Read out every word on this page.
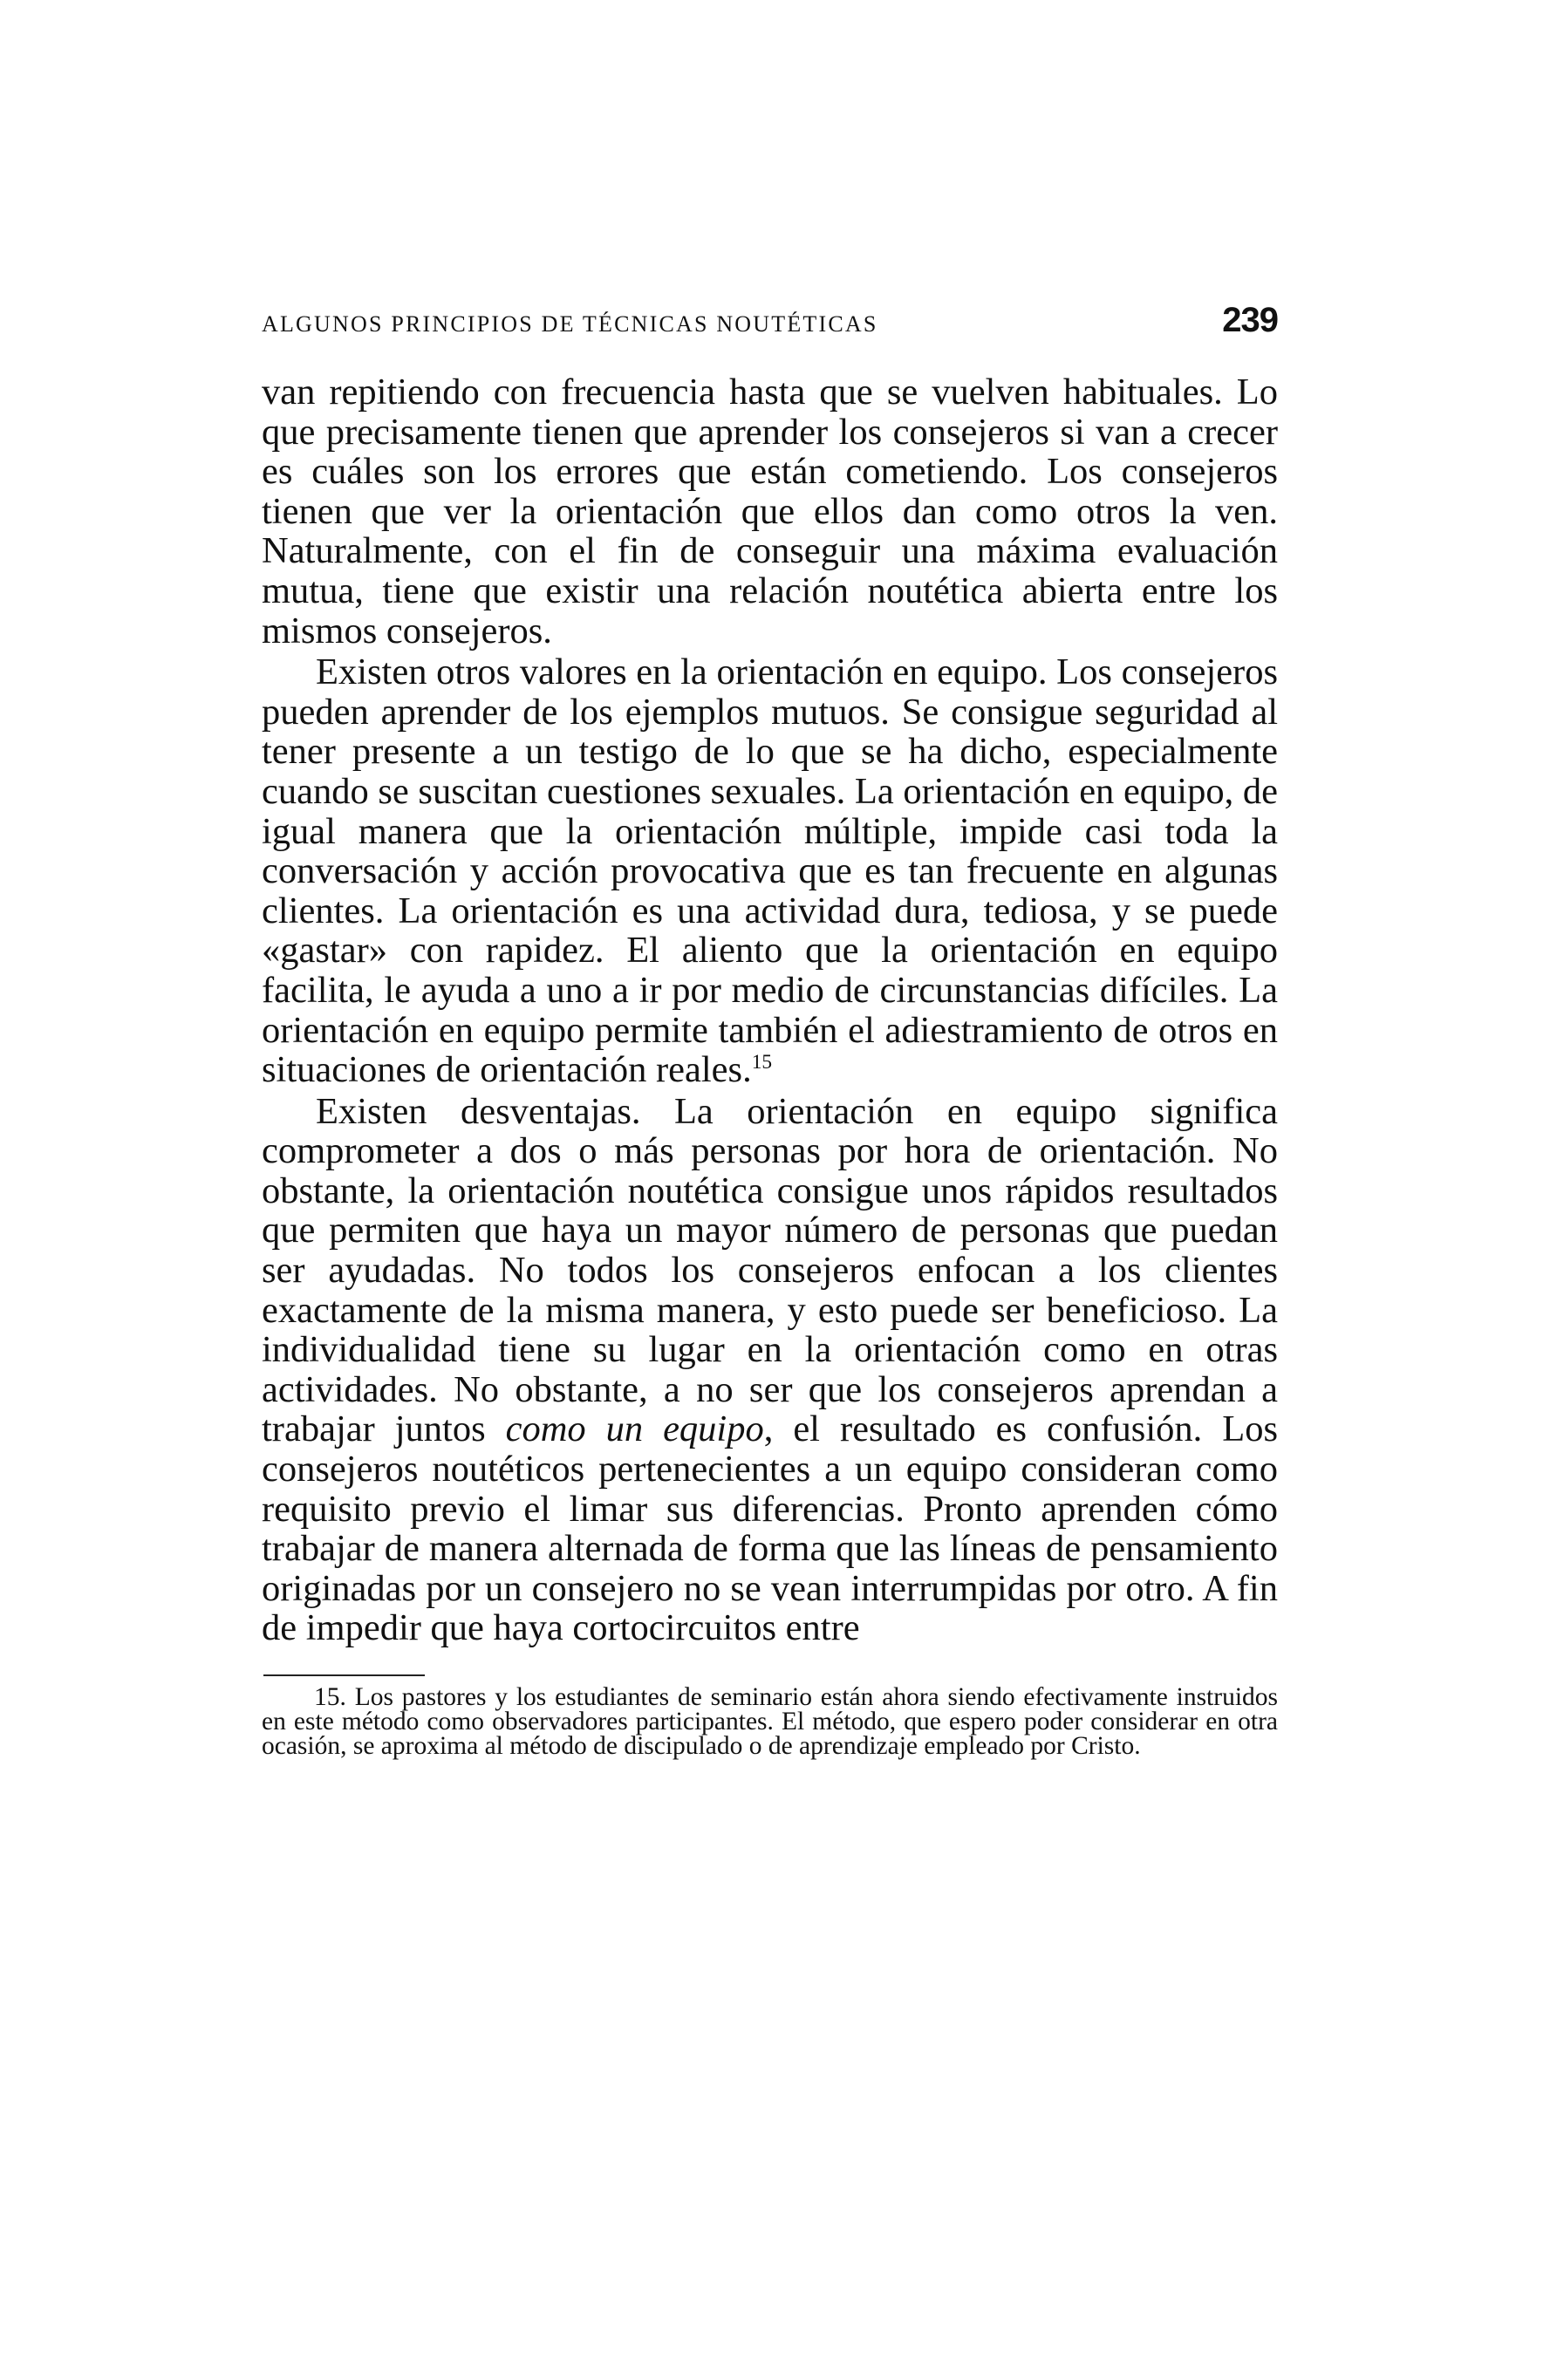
ALGUNOS PRINCIPIOS DE TÉCNICAS NOUTÉTICAS	239

van repitiendo con frecuencia hasta que se vuelven habituales. Lo que precisamente tienen que aprender los consejeros si van a crecer es cuáles son los errores que están cometiendo. Los consejeros tienen que ver la orientación que ellos dan como otros la ven. Naturalmente, con el fin de conseguir una máxima evaluación mutua, tiene que existir una relación noutética abierta entre los mismos consejeros.

Existen otros valores en la orientación en equipo. Los consejeros pueden aprender de los ejemplos mutuos. Se consigue seguridad al tener presente a un testigo de lo que se ha dicho, especialmente cuando se suscitan cuestiones sexuales. La orientación en equipo, de igual manera que la orientación múltiple, impide casi toda la conversación y acción provocativa que es tan frecuente en algunas clientes. La orientación es una actividad dura, tediosa, y se puede «gastar» con rapidez. El aliento que la orientación en equipo facilita, le ayuda a uno a ir por medio de circunstancias difíciles. La orientación en equipo permite también el adiestramiento de otros en situaciones de orientación reales.$^{15}$

Existen desventajas. La orientación en equipo significa comprometer a dos o más personas por hora de orientación. No obstante, la orientación noutética consigue unos rápidos resultados que permiten que haya un mayor número de personas que puedan ser ayudadas. No todos los consejeros enfocan a los clientes exactamente de la misma manera, y esto puede ser beneficioso. La individualidad tiene su lugar en la orientación como en otras actividades. No obstante, a no ser que los consejeros aprendan a trabajar juntos como un equipo, el resultado es confusión. Los consejeros noutéticos pertenecientes a un equipo consideran como requisito previo el limar sus diferencias. Pronto aprenden cómo trabajar de manera alternada de forma que las líneas de pensamiento originadas por un consejero no se vean interrumpidas por otro. A fin de impedir que haya cortocircuitos entre

15. Los pastores y los estudiantes de seminario están ahora siendo efectivamente instruidos en este método como observadores participantes. El método, que espero poder considerar en otra ocasión, se aproxima al método de discipulado o de aprendizaje empleado por Cristo.
